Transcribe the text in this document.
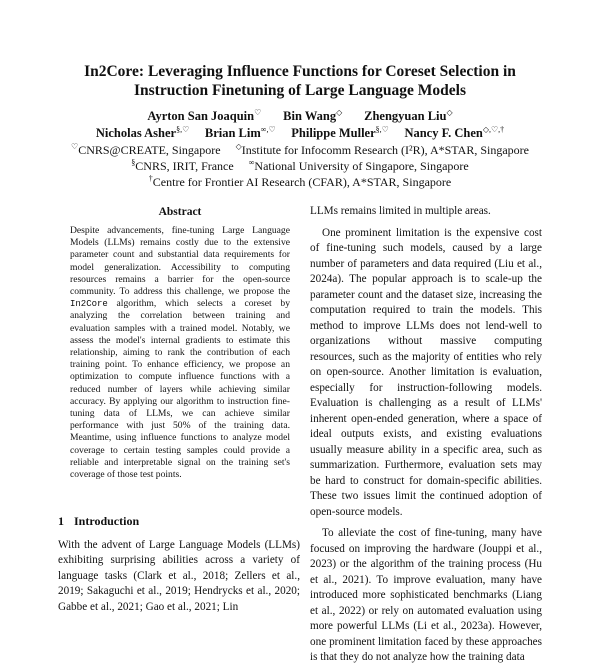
In2Core: Leveraging Influence Functions for Coreset Selection in
Instruction Finetuning of Large Language Models
Ayrton San Joaquin♡ Bin Wang◇ Zhengyuan Liu◇
Nicholas Asher§,♡ Brian Lim∞,♡ Philippe Muller§,♡ Nancy F. Chen◇,♡,†
♡CNRS@CREATE, Singapore ◇Institute for Infocomm Research (I²R), A*STAR, Singapore
§CNRS, IRIT, France ∞National University of Singapore, Singapore
†Centre for Frontier AI Research (CFAR), A*STAR, Singapore
Abstract
Despite advancements, fine-tuning Large Language Models (LLMs) remains costly due to the extensive parameter count and substantial data requirements for model generalization. Accessibility to computing resources remains a barrier for the open-source community. To address this challenge, we propose the In2Core algorithm, which selects a coreset by analyzing the correlation between training and evaluation samples with a trained model. Notably, we assess the model's internal gradients to estimate this relationship, aiming to rank the contribution of each training point. To enhance efficiency, we propose an optimization to compute influence functions with a reduced number of layers while achieving similar accuracy. By applying our algorithm to instruction fine-tuning data of LLMs, we can achieve similar performance with just 50% of the training data. Meantime, using influence functions to analyze model coverage to certain testing samples could provide a reliable and interpretable signal on the training set's coverage of those test points.
1 Introduction
With the advent of Large Language Models (LLMs) exhibiting surprising abilities across a variety of language tasks (Clark et al., 2018; Zellers et al., 2019; Sakaguchi et al., 2019; Hendrycks et al., 2020; Gabbe et al., 2021; Gao et al., 2021; Lin

LLMs remains limited in multiple areas.

One prominent limitation is the expensive cost of fine-tuning such models, caused by a large number of parameters and data required (Liu et al., 2024a). The popular approach is to scale-up the parameter count and the dataset size, increasing the computation required to train the models. This method to improve LLMs does not lend-well to organizations without massive computing resources, such as the majority of entities who rely on open-source. Another limitation is evaluation, especially for instruction-following models. Evaluation is challenging as a result of LLMs' inherent open-ended generation, where a space of ideal outputs exists, and existing evaluations usually measure ability in a specific area, such as summarization. Furthermore, evaluation sets may be hard to construct for domain-specific abilities. These two issues limit the continued adoption of open-source models.

To alleviate the cost of fine-tuning, many have focused on improving the hardware (Jouppi et al., 2023) or the algorithm of the training process (Hu et al., 2021). To improve evaluation, many have introduced more sophisticated benchmarks (Liang et al., 2022) or rely on automated evaluation using more powerful LLMs (Li et al., 2023a). However, one prominent limitation faced by these approaches is that they do not analyze how the training data
